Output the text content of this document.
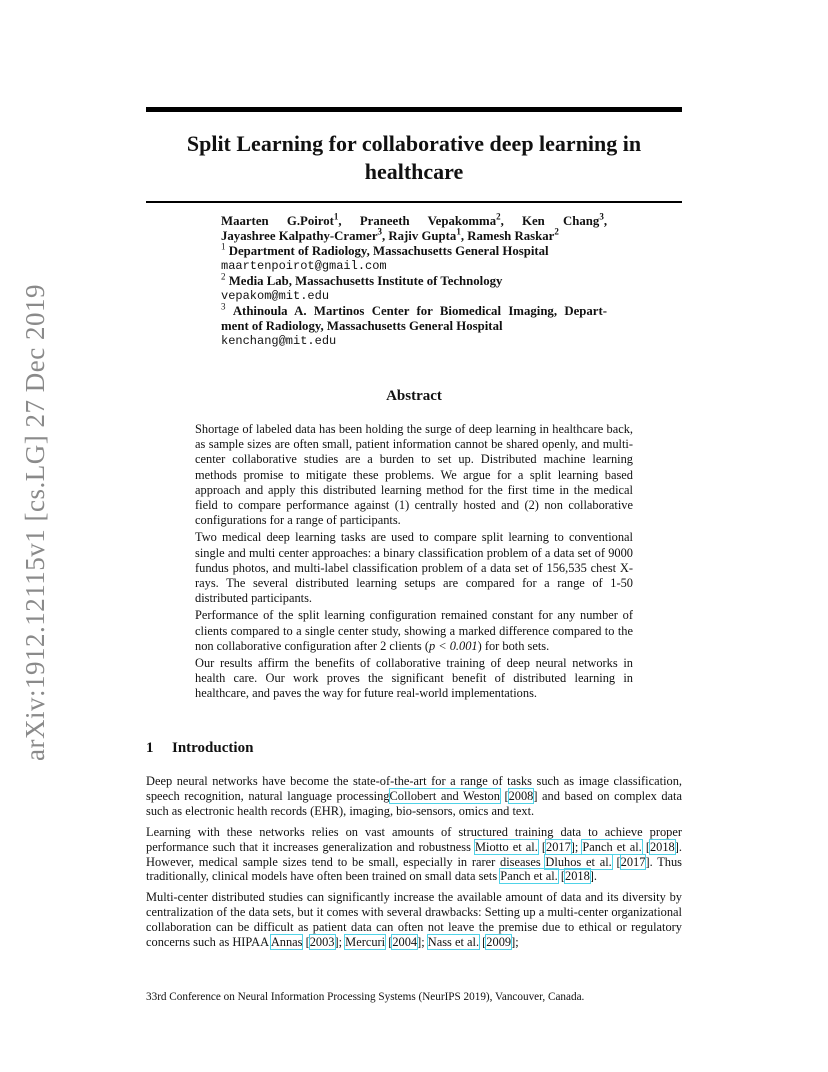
arXiv:1912.12115v1 [cs.LG] 27 Dec 2019
Split Learning for collaborative deep learning in healthcare
Maarten G.Poirot$^1$, Praneeth Vepakomma$^2$, Ken Chang$^3$,
Jayashree Kalpathy-Cramer$^3$, Rajiv Gupta$^1$, Ramesh Raskar$^2$
$^1$ Department of Radiology, Massachusetts General Hospital
maartenpoirot@gmail.com
$^2$ Media Lab, Massachusetts Institute of Technology
vepakom@mit.edu
$^3$ Athinoula A. Martinos Center for Biomedical Imaging, Depart-
ment of Radiology, Massachusetts General Hospital
kenchang@mit.edu
Abstract

Shortage of labeled data has been holding the surge of deep learning in healthcare back, as sample sizes are often small, patient information cannot be shared openly, and multi-center collaborative studies are a burden to set up. Distributed machine learning methods promise to mitigate these problems. We argue for a split learning based approach and apply this distributed learning method for the first time in the medical field to compare performance against (1) centrally hosted and (2) non collaborative configurations for a range of participants.

Two medical deep learning tasks are used to compare split learning to conventional single and multi center approaches: a binary classification problem of a data set of 9000 fundus photos, and multi-label classification problem of a data set of 156,535 chest X-rays. The several distributed learning setups are compared for a range of 1-50 distributed participants.

Performance of the split learning configuration remained constant for any number of clients compared to a single center study, showing a marked difference compared to the non collaborative configuration after 2 clients (p < 0.001) for both sets.

Our results affirm the benefits of collaborative training of deep neural networks in health care. Our work proves the significant benefit of distributed learning in healthcare, and paves the way for future real-world implementations.

1 Introduction

Deep neural networks have become the state-of-the-art for a range of tasks such as image classification, speech recognition, natural language processingCollobert and Weston [2008] and based on complex data such as electronic health records (EHR), imaging, bio-sensors, omics and text.

Learning with these networks relies on vast amounts of structured training data to achieve proper performance such that it increases generalization and robustness Miotto et al. [2017]; Panch et al. [2018]. However, medical sample sizes tend to be small, especially in rarer diseases Dluhos et al. [2017]. Thus traditionally, clinical models have often been trained on small data sets Panch et al. [2018].

Multi-center distributed studies can significantly increase the available amount of data and its diversity by centralization of the data sets, but it comes with several drawbacks: Setting up a multi-center organizational collaboration can be difficult as patient data can often not leave the premise due to ethical or regulatory concerns such as HIPAA Annas [2003]; Mercuri [2004]; Nass et al. [2009];

33rd Conference on Neural Information Processing Systems (NeurIPS 2019), Vancouver, Canada.
